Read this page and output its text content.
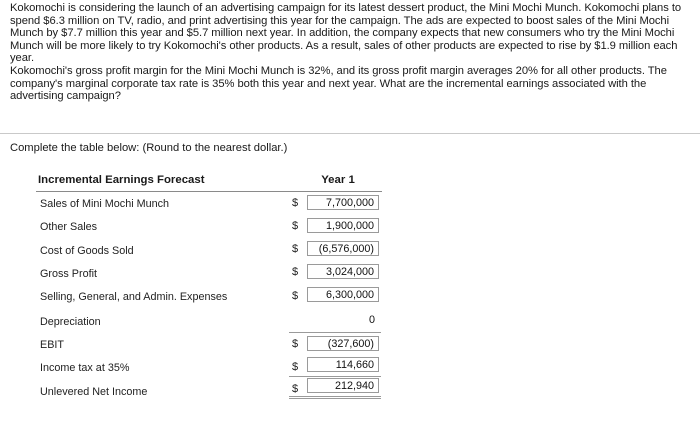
Kokomochi is considering the launch of an advertising campaign for its latest dessert product, the Mini Mochi Munch. Kokomochi plans to spend $6.3 million on TV, radio, and print advertising this year for the campaign. The ads are expected to boost sales of the Mini Mochi Munch by $7.7 million this year and $5.7 million next year. In addition, the company expects that new consumers who try the Mini Mochi Munch will be more likely to try Kokomochi's other products. As a result, sales of other products are expected to rise by $1.9 million each year.

Kokomochi's gross profit margin for the Mini Mochi Munch is 32%, and its gross profit margin averages 20% for all other products. The company's marginal corporate tax rate is 35% both this year and next year. What are the incremental earnings associated with the advertising campaign?

Complete the table below: (Round to the nearest dollar.)
Incremental Earnings Forecast	Year 1
Sales of Mini Mochi Munch	$	7,700,000
Other Sales	$	1,900,000
Cost of Goods Sold	$	(6,576,000)
Gross Profit	$	3,024,000
Selling, General, and Admin. Expenses	$	6,300,000
Depreciation	0
EBIT	$	(327,600)
Income tax at 35%	$	114,660
Unlevered Net Income	$	212,940
